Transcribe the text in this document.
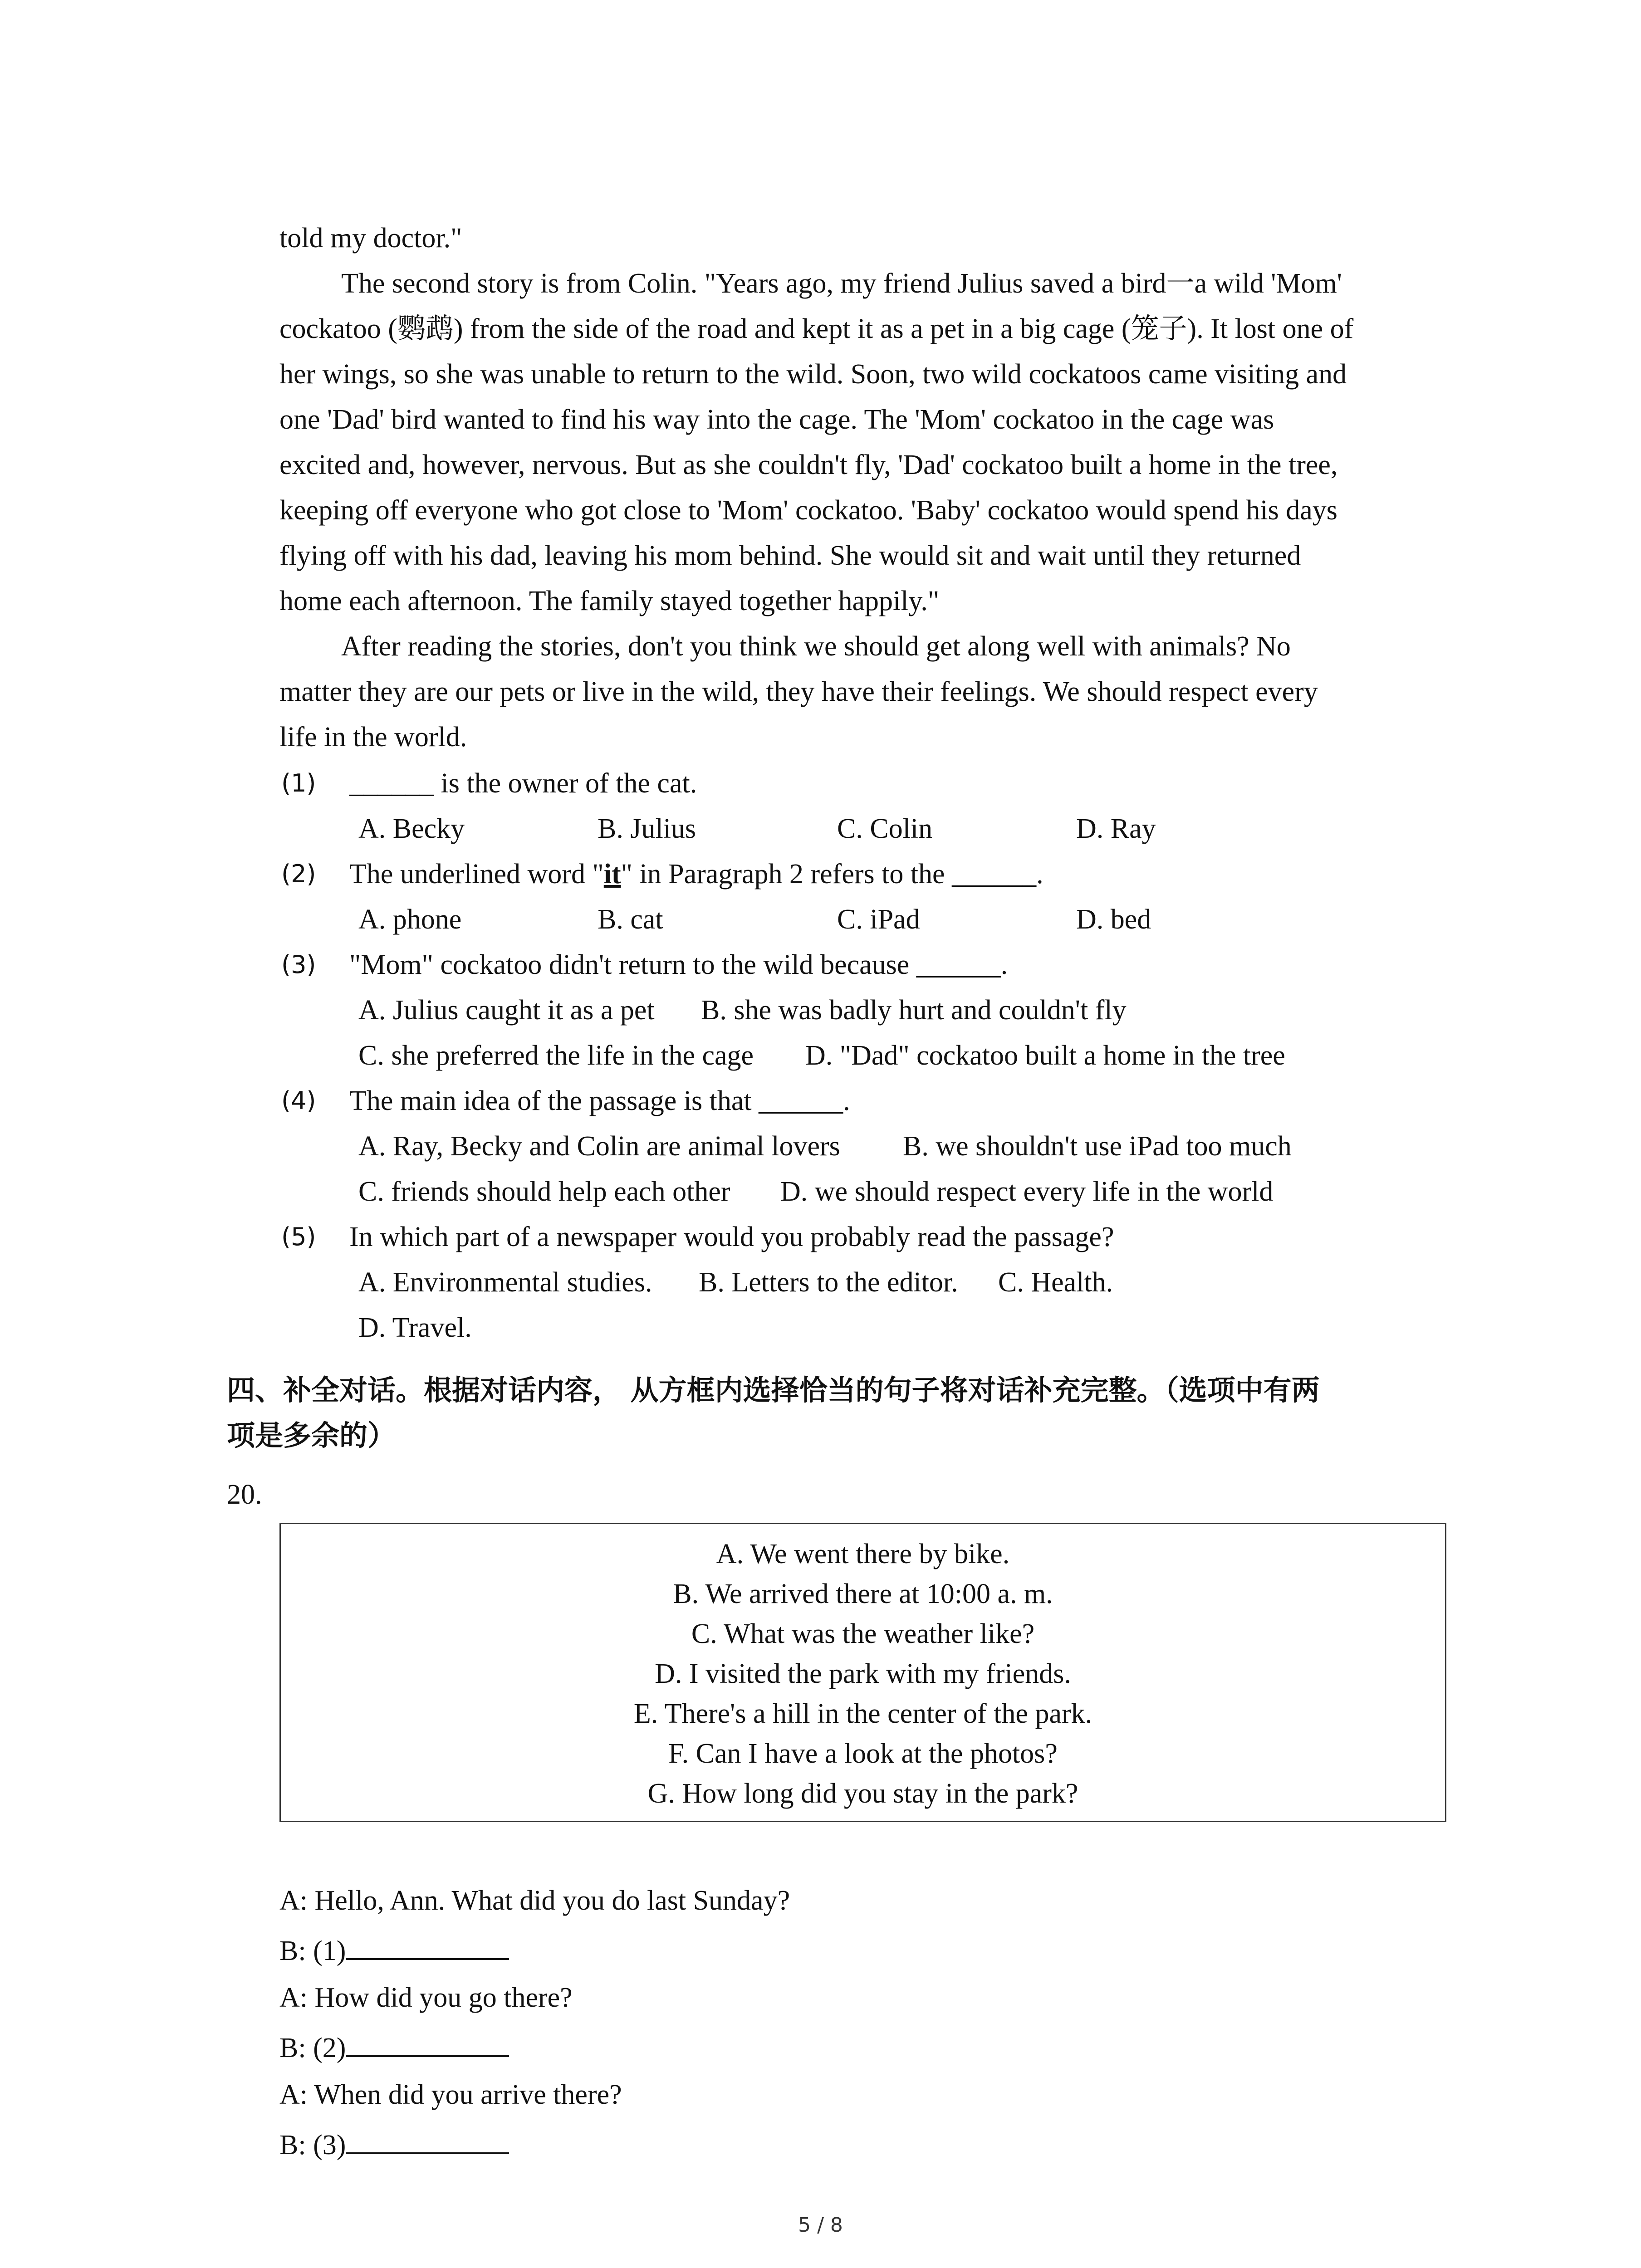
told my doctor."
The second story is from Colin. "Years ago, my friend Julius saved a bird一a wild 'Mom'
cockatoo (鹦鹉) from the side of the road and kept it as a pet in a big cage (笼子). It lost one of
her wings, so she was unable to return to the wild. Soon, two wild cockatoos came visiting and
one 'Dad' bird wanted to find his way into the cage. The 'Mom' cockatoo in the cage was
excited and, however, nervous. But as she couldn't fly, 'Dad' cockatoo built a home in the tree,
keeping off everyone who got close to 'Mom' cockatoo. 'Baby' cockatoo would spend his days
flying off with his dad, leaving his mom behind. She would sit and wait until they returned
home each afternoon. The family stayed together happily."
After reading the stories, don't you think we should get along well with animals? No
matter they are our pets or live in the wild, they have their feelings. We should respect every
life in the world.
(1) ______ is the owner of the cat.
A. Becky	B. Julius	C. Colin	D. Ray
(2) The underlined word "it" in Paragraph 2 refers to the ______.
A. phone	B. cat	C. iPad	D. bed
(3) "Mom" cockatoo didn't return to the wild because ______.
A. Julius caught it as a pet B. she was badly hurt and couldn't fly
C. she preferred the life in the cage D. "Dad" cockatoo built a home in the tree
(4) The main idea of the passage is that ______.
A. Ray, Becky and Colin are animal lovers B. we shouldn't use iPad too much
C. friends should help each other D. we should respect every life in the world
(5) In which part of a newspaper would you probably read the passage?
A. Environmental studies. B. Letters to the editor. C. Health.
D. Travel.
四、补全对话。根据对话内容， 从方框内选择恰当的句子将对话补充完整。（选项中有两
项是多余的）
20.
A. We went there by bike.
B. We arrived there at 10:00 a. m.
C. What was the weather like?
D. I visited the park with my friends.
E. There's a hill in the center of the park.
F. Can I have a look at the photos?
G. How long did you stay in the park?
A: Hello, Ann. What did you do last Sunday?
B: (1)
A: How did you go there?
B: (2)
A: When did you arrive there?
B: (3)
5 / 8
